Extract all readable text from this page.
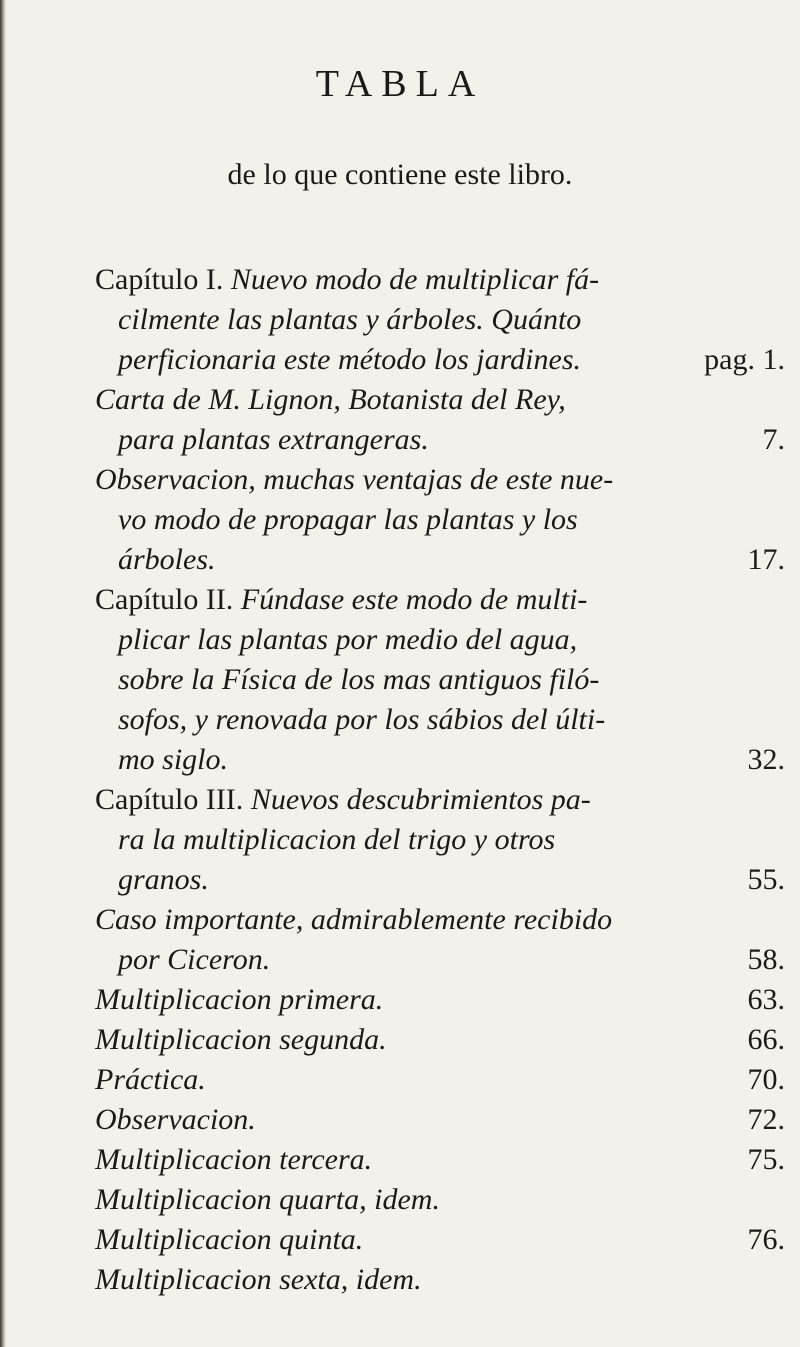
TABLA
de lo que contiene este libro.
Capítulo I. Nuevo modo de multiplicar fá-
cilmente las plantas y árboles. Quánto
perficionaria este método los jardines.	pag. 1.
Carta de M. Lignon, Botanista del Rey,
para plantas extrangeras.	7.
Observacion, muchas ventajas de este nue-
vo modo de propagar las plantas y los
árboles.	17.
Capítulo II. Fúndase este modo de multi-
plicar las plantas por medio del agua,
sobre la Física de los mas antiguos filó-
sofos, y renovada por los sábios del últi-
mo siglo.	32.
Capítulo III. Nuevos descubrimientos pa-
ra la multiplicacion del trigo y otros
granos.	55.
Caso importante, admirablemente recibido
por Ciceron.	58.
Multiplicacion primera.	63.
Multiplicacion segunda.	66.
Práctica.	70.
Observacion.	72.
Multiplicacion tercera.	75.
Multiplicacion quarta, idem.
Multiplicacion quinta.	76.
Multiplicacion sexta, idem.
